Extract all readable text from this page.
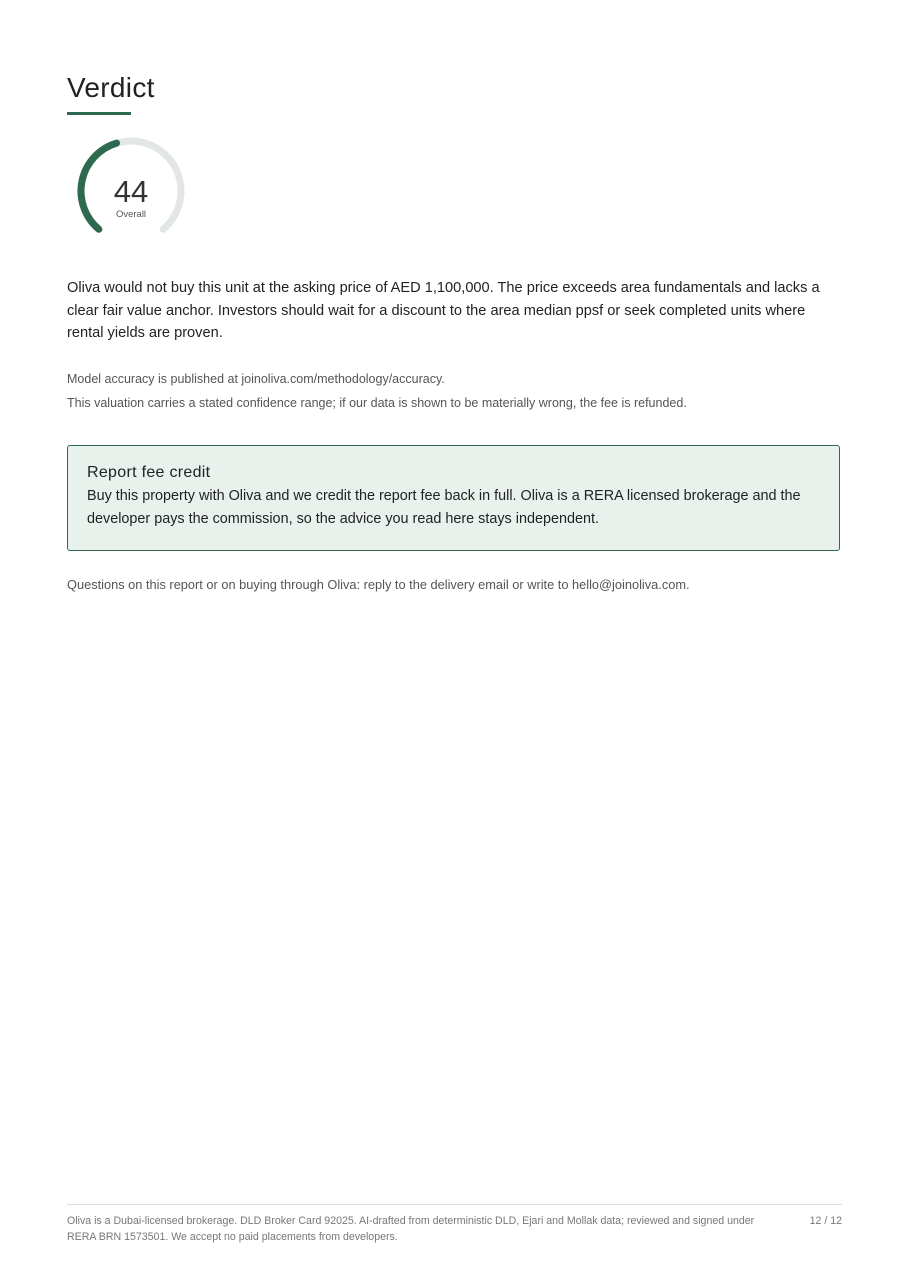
Verdict
44
Overall

Oliva would not buy this unit at the asking price of AED 1,100,000. The price exceeds area fundamentals and lacks a clear fair value anchor. Investors should wait for a discount to the area median ppsf or seek completed units where rental yields are proven.

Model accuracy is published at joinoliva.com/methodology/accuracy.

This valuation carries a stated confidence range; if our data is shown to be materially wrong, the fee is refunded.

Report fee credit

Buy this property with Oliva and we credit the report fee back in full. Oliva is a RERA licensed brokerage and the developer pays the commission, so the advice you read here stays independent.

Questions on this report or on buying through Oliva: reply to the delivery email or write to hello@joinoliva.com.

Oliva is a Dubai-licensed brokerage. DLD Broker Card 92025. AI-drafted from deterministic DLD, Ejari and Mollak data; reviewed and signed under RERA BRN 1573501. We accept no paid placements from developers.

12 / 12
